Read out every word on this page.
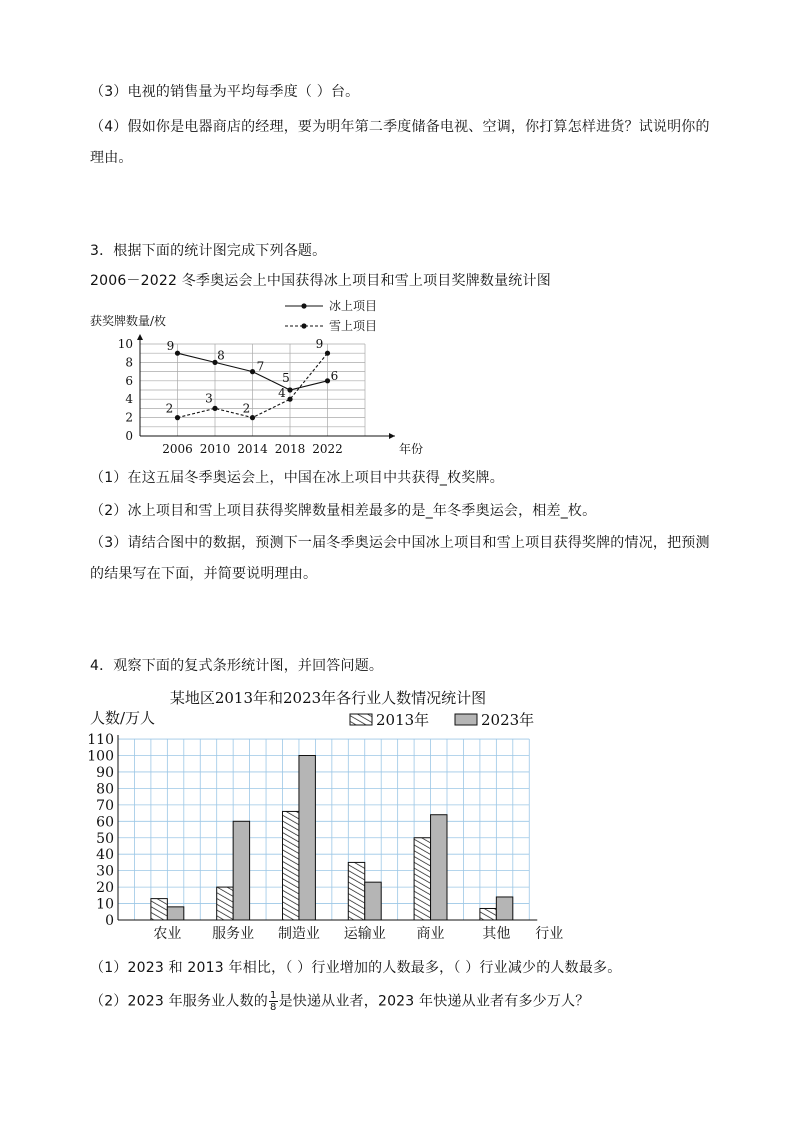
（3）电视的销售量为平均每季度（ ）台。
（4）假如你是电器商店的经理，要为明年第二季度储备电视、空调，你打算怎样进货？试说明你的
理由。
3．根据下面的统计图完成下列各题。
2006－2022 冬季奥运会上中国获得冰上项目和雪上项目奖牌数量统计图
获奖牌数量/枚
0
2
4
6
8
10
2006 2010 2014 2018 2022	年份
9
8
7
5	6
2
3
2
4
9
冰上项目
雪上项目
（1）在这五届冬季奥运会上，中国在冰上项目中共获得_枚奖牌。
（2）冰上项目和雪上项目获得奖牌数量相差最多的是_年冬季奥运会，相差_枚。
（3）请结合图中的数据，预测下一届冬季奥运会中国冰上项目和雪上项目获得奖牌的情况，把预测
的结果写在下面，并简要说明理由。
4．观察下面的复式条形统计图，并回答问题。
某地区2013年和2023年各行业人数情况统计图
人数/万人
0
10
20
30
40
50
60
70
80
90
100
110
农业 服务业 制造业 运输业 商业	其他 行业
2013年	2023年
（1）2023 和 2013 年相比，（ ）行业增加的人数最多，（ ）行业减少的人数最多。
（2）2023 年服务业人数的 $\frac{1}{8}$ 是快递从业者，2023 年快递从业者有多少万人？
